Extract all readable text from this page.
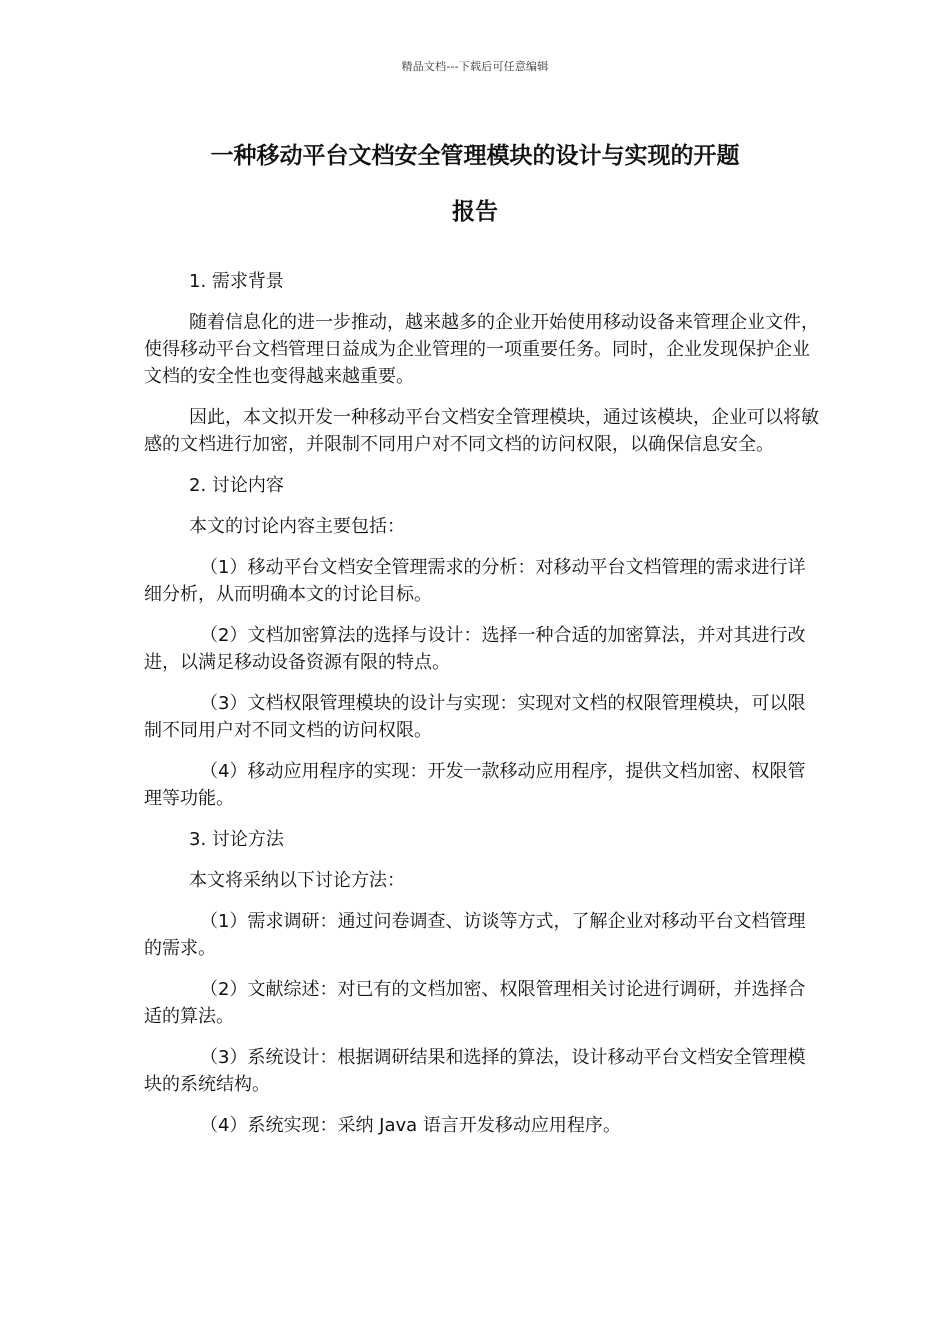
精品文档---下载后可任意编辑
一种移动平台文档安全管理模块的设计与实现的开题
报告

1. 需求背景

随着信息化的进一步推动，越来越多的企业开始使用移动设备来管理企业文件，使得移动平台文档管理日益成为企业管理的一项重要任务。同时，企业发现保护企业文档的安全性也变得越来越重要。

因此，本文拟开发一种移动平台文档安全管理模块，通过该模块，企业可以将敏感的文档进行加密，并限制不同用户对不同文档的访问权限，以确保信息安全。

2. 讨论内容

本文的讨论内容主要包括：

（1）移动平台文档安全管理需求的分析：对移动平台文档管理的需求进行详细分析，从而明确本文的讨论目标。

（2）文档加密算法的选择与设计：选择一种合适的加密算法，并对其进行改进，以满足移动设备资源有限的特点。

（3）文档权限管理模块的设计与实现：实现对文档的权限管理模块，可以限制不同用户对不同文档的访问权限。

（4）移动应用程序的实现：开发一款移动应用程序，提供文档加密、权限管理等功能。

3. 讨论方法

本文将采纳以下讨论方法：

（1）需求调研：通过问卷调查、访谈等方式，了解企业对移动平台文档管理的需求。

（2）文献综述：对已有的文档加密、权限管理相关讨论进行调研，并选择合适的算法。

（3）系统设计：根据调研结果和选择的算法，设计移动平台文档安全管理模块的系统结构。

（4）系统实现：采纳 Java 语言开发移动应用程序。
